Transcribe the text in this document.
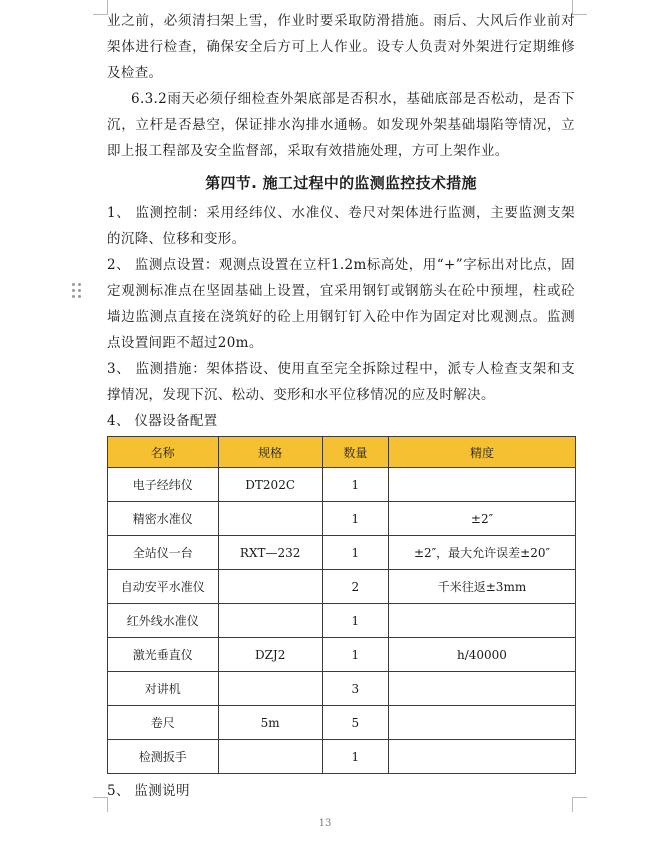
业之前，必须清扫架上雪，作业时要采取防滑措施。雨后、大风后作业前对架体进行检查，确保安全后方可上人作业。设专人负责对外架进行定期维修及检查。

6.3.2雨天必须仔细检查外架底部是否积水，基础底部是否松动，是否下沉，立杆是否悬空，保证排水沟排水通畅。如发现外架基础塌陷等情况，立即上报工程部及安全监督部，采取有效措施处理，方可上架作业。

第四节. 施工过程中的监测监控技术措施

1、 监测控制：采用经纬仪、水准仪、卷尺对架体进行监测，主要监测支架的沉降、位移和变形。

2、 监测点设置：观测点设置在立杆1.2m标高处，用“+”字标出对比点，固定观测标准点在坚固基础上设置，宜采用钢钉或钢筋头在砼中预埋，柱或砼墙边监测点直接在浇筑好的砼上用钢钉钉入砼中作为固定对比观测点。监测点设置间距不超过20m。

3、 监测措施：架体搭设、使用直至完全拆除过程中，派专人检查支架和支撑情况，发现下沉、松动、变形和水平位移情况的应及时解决。

4、 仪器设备配置

名称	规格	数量	精度
电子经纬仪	DT202C	1	
精密水准仪		1	±2″
全站仪一台	RXT—232	1	±2″，最大允许误差±20″
自动安平水准仪		2	千米往返±3mm
红外线水准仪		1	
激光垂直仪	DZJ2	1	h/40000
对讲机		3	
卷尺	5m	5	
检测扳手		1	

5、 监测说明

13
